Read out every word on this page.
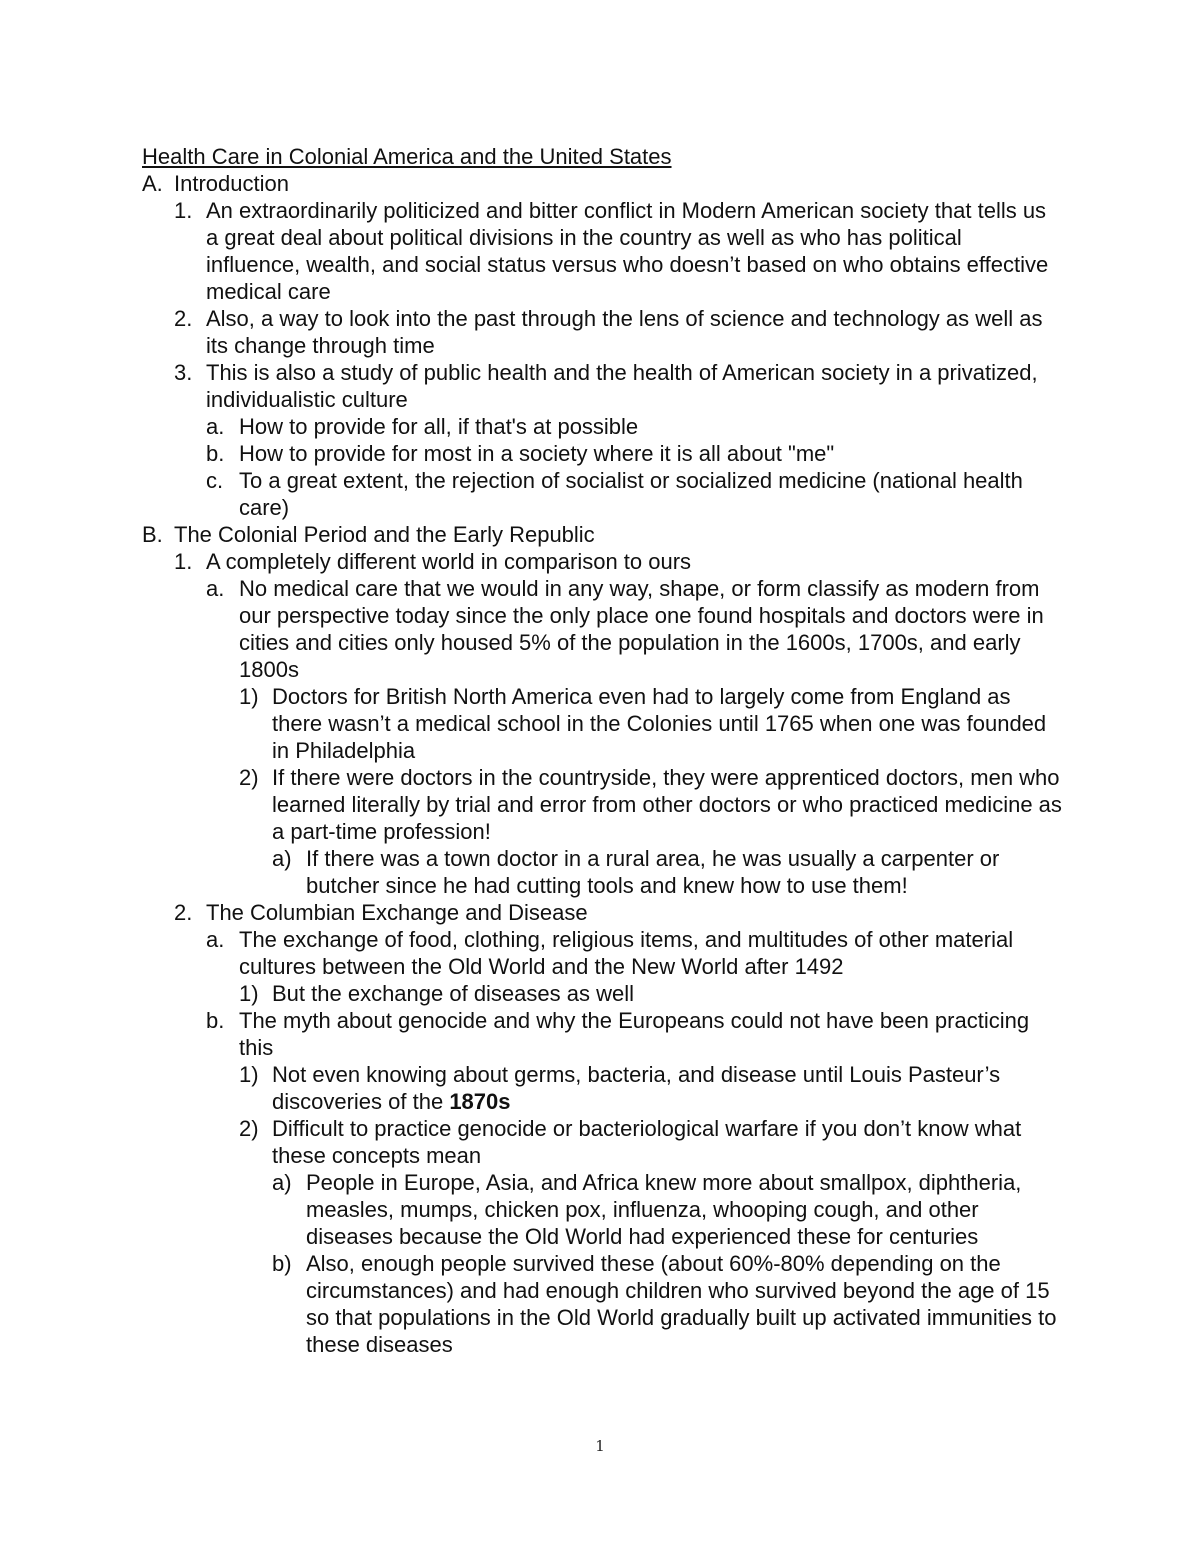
Health Care in Colonial America and the United States
A. Introduction
1. An extraordinarily politicized and bitter conflict in Modern American society that tells us a great deal about political divisions in the country as well as who has political influence, wealth, and social status versus who doesn’t based on who obtains effective medical care
2. Also, a way to look into the past through the lens of science and technology as well as its change through time
3. This is also a study of public health and the health of American society in a privatized, individualistic culture
a. How to provide for all, if that's at possible
b. How to provide for most in a society where it is all about "me"
c. To a great extent, the rejection of socialist or socialized medicine (national health care)
B. The Colonial Period and the Early Republic
1. A completely different world in comparison to ours
a. No medical care that we would in any way, shape, or form classify as modern from our perspective today since the only place one found hospitals and doctors were in cities and cities only housed 5% of the population in the 1600s, 1700s, and early 1800s
1) Doctors for British North America even had to largely come from England as there wasn’t a medical school in the Colonies until 1765 when one was founded in Philadelphia
2) If there were doctors in the countryside, they were apprenticed doctors, men who learned literally by trial and error from other doctors or who practiced medicine as a part-time profession!
a) If there was a town doctor in a rural area, he was usually a carpenter or butcher since he had cutting tools and knew how to use them!
2. The Columbian Exchange and Disease
a. The exchange of food, clothing, religious items, and multitudes of other material cultures between the Old World and the New World after 1492
1) But the exchange of diseases as well
b. The myth about genocide and why the Europeans could not have been practicing this
1) Not even knowing about germs, bacteria, and disease until Louis Pasteur’s discoveries of the 1870s
2) Difficult to practice genocide or bacteriological warfare if you don’t know what these concepts mean
a) People in Europe, Asia, and Africa knew more about smallpox, diphtheria, measles, mumps, chicken pox, influenza, whooping cough, and other diseases because the Old World had experienced these for centuries
b) Also, enough people survived these (about 60%-80% depending on the circumstances) and had enough children who survived beyond the age of 15 so that populations in the Old World gradually built up activated immunities to these diseases
1
